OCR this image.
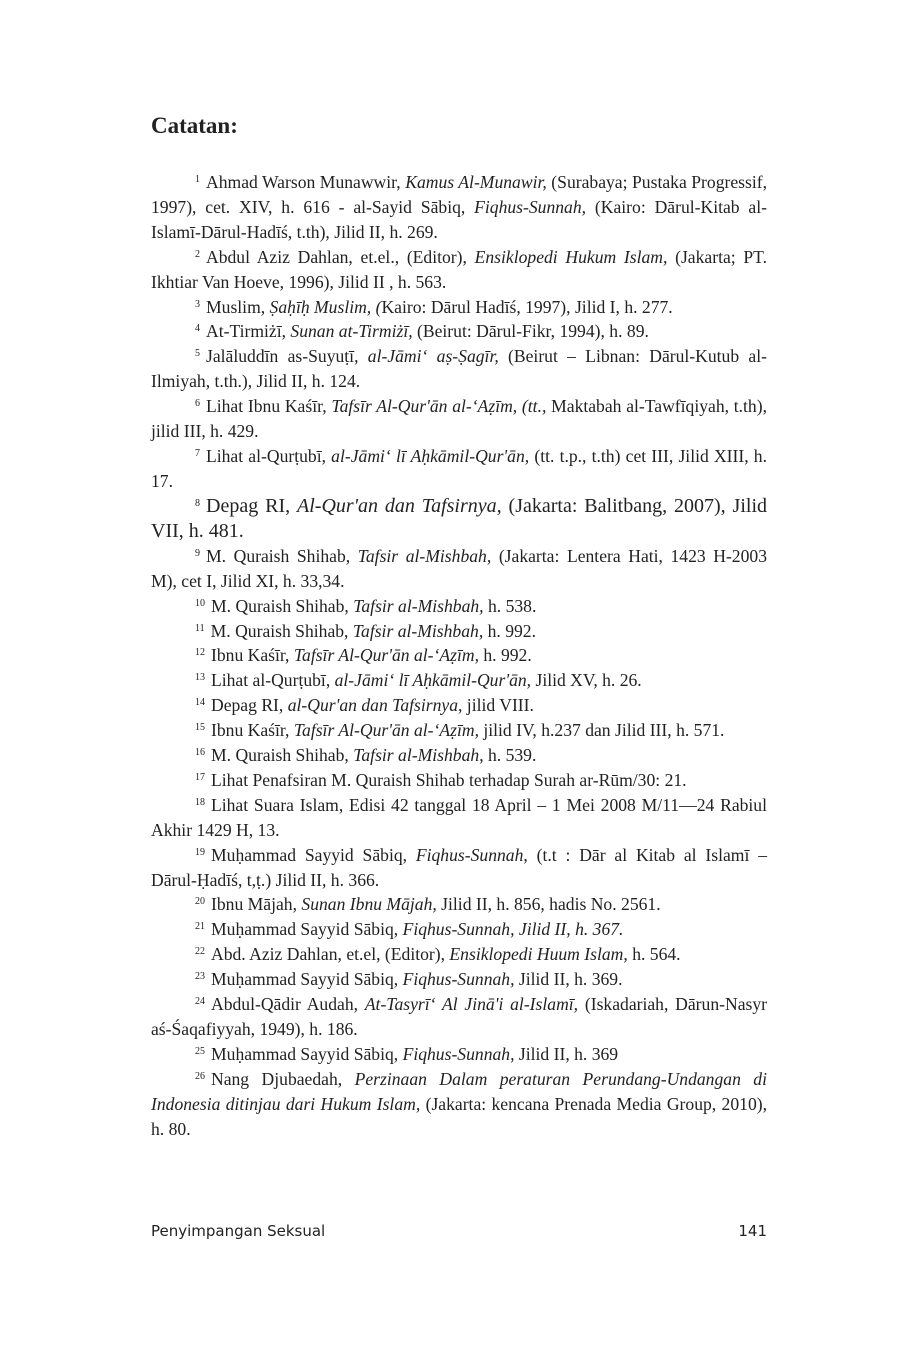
Catatan:

$^1$ Ahmad Warson Munawwir, Kamus Al-Munawir, (Surabaya; Pustaka Progressif, 1997), cet. XIV, h. 616 - al-Sayid Sābiq, Fiqhus-Sunnah, (Kairo: Dārul-Kitab al-Islamī-Dārul-Hadīś, t.th), Jilid II, h. 269.

$^2$ Abdul Aziz Dahlan, et.el., (Editor), Ensiklopedi Hukum Islam, (Jakarta; PT. Ikhtiar Van Hoeve, 1996), Jilid II , h. 563.

$^3$ Muslim, Ṣaḥīḥ Muslim, (Kairo: Dārul Hadīś, 1997), Jilid I, h. 277.

$^4$ At-Tirmiżī, Sunan at-Tirmiżī, (Beirut: Dārul-Fikr, 1994), h. 89.

$^5$ Jalāluddīn as-Suyuṭī, al-Jāmi‘ aṣ-Ṣagīr, (Beirut – Libnan: Dārul-Kutub al-Ilmiyah, t.th.), Jilid II, h. 124.

$^6$ Lihat Ibnu Kaśīr, Tafsīr Al-Qur'ān al-‘Aẓīm, (tt., Maktabah al-Tawfīqiyah, t.th), jilid III, h. 429.

$^7$ Lihat al-Qurṭubī, al-Jāmi‘ lī Aḥkāmil-Qur'ān, (tt. t.p., t.th) cet III, Jilid XIII, h. 17.

$^8$ Depag RI, Al-Qur'an dan Tafsirnya, (Jakarta: Balitbang, 2007), Jilid VII, h. 481.

$^9$ M. Quraish Shihab, Tafsir al-Mishbah, (Jakarta: Lentera Hati, 1423 H-2003 M), cet I, Jilid XI, h. 33,34.

$^{10}$ M. Quraish Shihab, Tafsir al-Mishbah, h. 538.

$^{11}$ M. Quraish Shihab, Tafsir al-Mishbah, h. 992.

$^{12}$ Ibnu Kaśīr, Tafsīr Al-Qur'ān al-‘Aẓīm, h. 992.

$^{13}$ Lihat al-Qurṭubī, al-Jāmi‘ lī Aḥkāmil-Qur'ān, Jilid XV, h. 26.

$^{14}$ Depag RI, al-Qur'an dan Tafsirnya, jilid VIII.

$^{15}$ Ibnu Kaśīr, Tafsīr Al-Qur'ān al-‘Aẓīm, jilid IV, h.237 dan Jilid III, h. 571.

$^{16}$ M. Quraish Shihab, Tafsir al-Mishbah, h. 539.

$^{17}$ Lihat Penafsiran M. Quraish Shihab terhadap Surah ar-Rūm/30: 21.

$^{18}$ Lihat Suara Islam, Edisi 42 tanggal 18 April – 1 Mei 2008 M/11—24 Rabiul Akhir 1429 H, 13.

$^{19}$ Muḥammad Sayyid Sābiq, Fiqhus-Sunnah, (t.t : Dār al Kitab al Islamī – Dārul-Ḥadīś, t,ṭ.) Jilid II, h. 366.

$^{20}$ Ibnu Mājah, Sunan Ibnu Mājah, Jilid II, h. 856, hadis No. 2561.

$^{21}$ Muḥammad Sayyid Sābiq, Fiqhus-Sunnah, Jilid II, h. 367.

$^{22}$ Abd. Aziz Dahlan, et.el, (Editor), Ensiklopedi Huum Islam, h. 564.

$^{23}$ Muḥammad Sayyid Sābiq, Fiqhus-Sunnah, Jilid II, h. 369.

$^{24}$ Abdul-Qādir Audah, At-Tasyrī‘ Al Jinā'i al-Islamī, (Iskadariah, Dārun-Nasyr aś-Śaqafiyyah, 1949), h. 186.

$^{25}$ Muḥammad Sayyid Sābiq, Fiqhus-Sunnah, Jilid II, h. 369

$^{26}$ Nang Djubaedah, Perzinaan Dalam peraturan Perundang-Undangan di Indonesia ditinjau dari Hukum Islam, (Jakarta: kencana Prenada Media Group, 2010), h. 80.

Penyimpangan Seksual	141
